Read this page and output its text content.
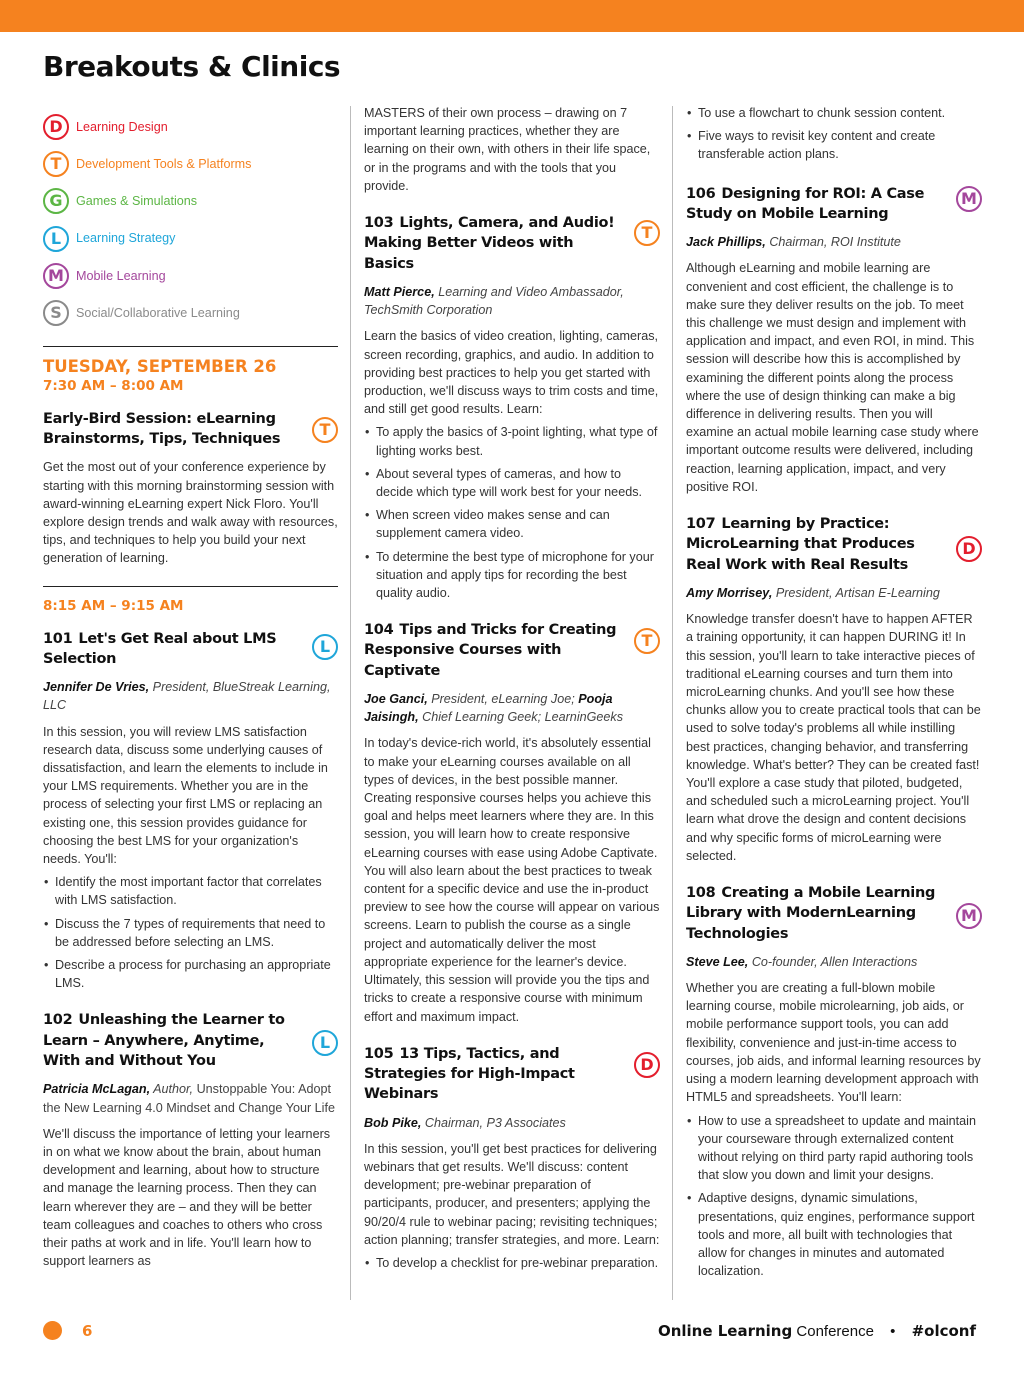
Breakouts & Clinics
D	Learning Design
T	Development Tools & Platforms
G	Games & Simulations
L	Learning Strategy
M Mobile Learning
S	Social/Collaborative Learning
TUESDAY, SEPTEMBER 26
7:30 AM – 8:00 AM
Early-Bird Session: eLearning Brainstorms, Tips, Techniques
T
Get the most out of your conference experience by starting with this morning brainstorming session with award-winning eLearning expert Nick Floro. You'll explore design trends and walk away with resources, tips, and techniques to help you build your next generation of learning.
8:15 AM – 9:15 AM
101 Let's Get Real about LMS Selection
L
Jennifer De Vries, President, BlueStreak Learning, LLC
In this session, you will review LMS satisfaction research data, discuss some underlying causes of dissatisfaction, and learn the elements to include in your LMS requirements. Whether you are in the process of selecting your first LMS or replacing an existing one, this session provides guidance for choosing the best LMS for your organization's needs. You'll:
• Identify the most important factor that correlates with LMS satisfaction.
• Discuss the 7 types of requirements that need to be addressed before selecting an LMS.
• Describe a process for purchasing an appropriate LMS.
102 Unleashing the Learner to Learn – Anywhere, Anytime, With and Without You
L
Patricia McLagan, Author, Unstoppable You: Adopt the New Learning 4.0 Mindset and Change Your Life
We'll discuss the importance of letting your learners in on what we know about the brain, about human development and learning, about how to structure and manage the learning process. Then they can learn wherever they are – and they will be better team colleagues and coaches to others who cross their paths at work and in life. You'll learn how to support learners as
MASTERS of their own process – drawing on 7 important learning practices, whether they are learning on their own, with others in their life space, or in the programs and with the tools that you provide.
103 Lights, Camera, and Audio! Making Better Videos with Basics
T
Matt Pierce, Learning and Video Ambassador, TechSmith Corporation
Learn the basics of video creation, lighting, cameras, screen recording, graphics, and audio. In addition to providing best practices to help you get started with production, we'll discuss ways to trim costs and time, and still get good results. Learn:
• To apply the basics of 3-point lighting, what type of lighting works best.
• About several types of cameras, and how to decide which type will work best for your needs.
• When screen video makes sense and can supplement camera video.
• To determine the best type of microphone for your situation and apply tips for recording the best quality audio.
104 Tips and Tricks for Creating Responsive Courses with Captivate
T
Joe Ganci, President, eLearning Joe; Pooja Jaisingh, Chief Learning Geek; LearninGeeks
In today's device-rich world, it's absolutely essential to make your eLearning courses available on all types of devices, in the best possible manner. Creating responsive courses helps you achieve this goal and helps meet learners where they are. In this session, you will learn how to create responsive eLearning courses with ease using Adobe Captivate. You will also learn about the best practices to tweak content for a specific device and use the in-product preview to see how the course will appear on various screens. Learn to publish the course as a single project and automatically deliver the most appropriate experience for the learner's device. Ultimately, this session will provide you the tips and tricks to create a responsive course with minimum effort and maximum impact.
105 13 Tips, Tactics, and Strategies for High-Impact Webinars
D
Bob Pike, Chairman, P3 Associates
In this session, you'll get best practices for delivering webinars that get results. We'll discuss: content development; pre-webinar preparation of participants, producer, and presenters; applying the 90/20/4 rule to webinar pacing; revisiting techniques; action planning; transfer strategies, and more. Learn:
• To develop a checklist for pre-webinar preparation.
• To use a flowchart to chunk session content.
• Five ways to revisit key content and create transferable action plans.
106 Designing for ROI: A Case Study on Mobile Learning
M
Jack Phillips, Chairman, ROI Institute
Although eLearning and mobile learning are convenient and cost efficient, the challenge is to make sure they deliver results on the job. To meet this challenge we must design and implement with application and impact, and even ROI, in mind. This session will describe how this is accomplished by examining the different points along the process where the use of design thinking can make a big difference in delivering results. Then you will examine an actual mobile learning case study where important outcome results were delivered, including reaction, learning application, impact, and very positive ROI.
107 Learning by Practice: MicroLearning that Produces Real Work with Real Results
D
Amy Morrisey, President, Artisan E-Learning
Knowledge transfer doesn't have to happen AFTER a training opportunity, it can happen DURING it! In this session, you'll learn to take interactive pieces of traditional eLearning courses and turn them into microLearning chunks. And you'll see how these chunks allow you to create practical tools that can be used to solve today's problems all while instilling best practices, changing behavior, and transferring knowledge. What's better? They can be created fast! You'll explore a case study that piloted, budgeted, and scheduled such a microLearning project. You'll learn what drove the design and content decisions and why specific forms of microLearning were selected.
108 Creating a Mobile Learning Library with ModernLearning Technologies
M
Steve Lee, Co-founder, Allen Interactions
Whether you are creating a full-blown mobile learning course, mobile microlearning, job aids, or mobile performance support tools, you can add flexibility, convenience and just-in-time access to courses, job aids, and informal learning resources by using a modern learning development approach with HTML5 and spreadsheets. You'll learn:
• How to use a spreadsheet to update and maintain your courseware through externalized content without relying on third party rapid authoring tools that slow you down and limit your designs.
• Adaptive designs, dynamic simulations, presentations, quiz engines, performance support tools and more, all built with technologies that allow for changes in minutes and automated localization.
6	Online Learning Conference • #olconf
